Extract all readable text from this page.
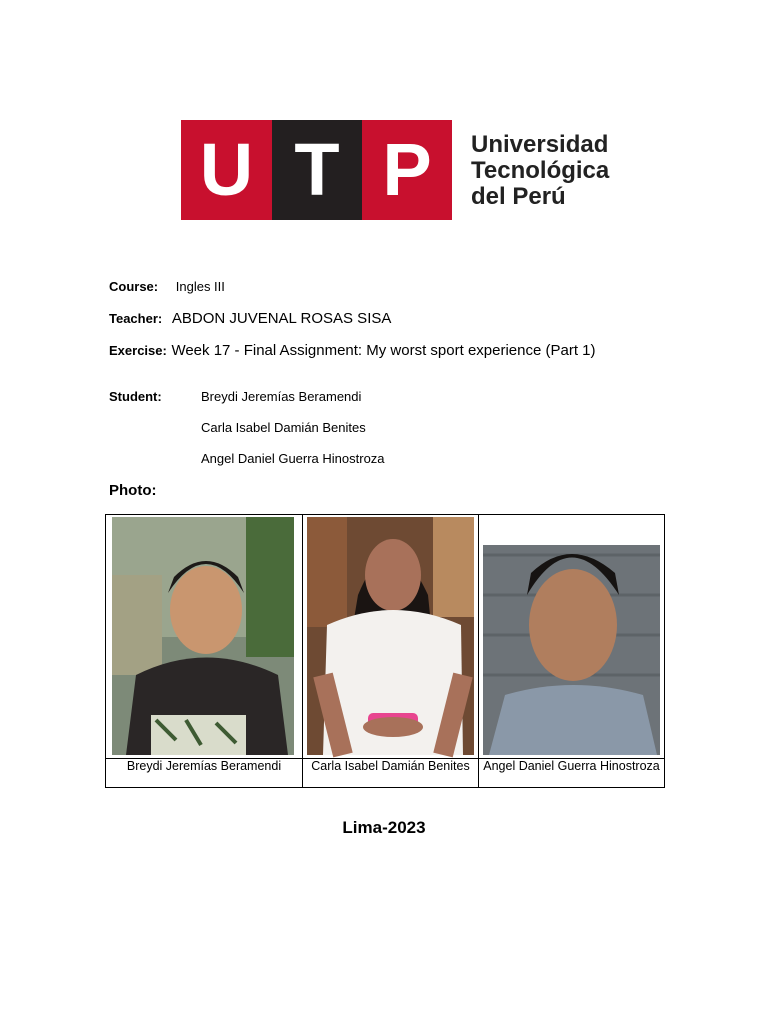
U T P	Universidad
Tecnológica
del Perú
Course: Ingles III
Teacher: ABDON JUVENAL ROSAS SISA
Exercise: Week 17 - Final Assignment: My worst sport experience (Part 1)
Student:	Breydi Jeremías Beramendi
Carla Isabel Damián Benites
Angel Daniel Guerra Hinostroza
Photo:

Breydi Jeremías Beramendi	Carla Isabel Damián Benites	Angel Daniel Guerra Hinostroza
Lima-2023
